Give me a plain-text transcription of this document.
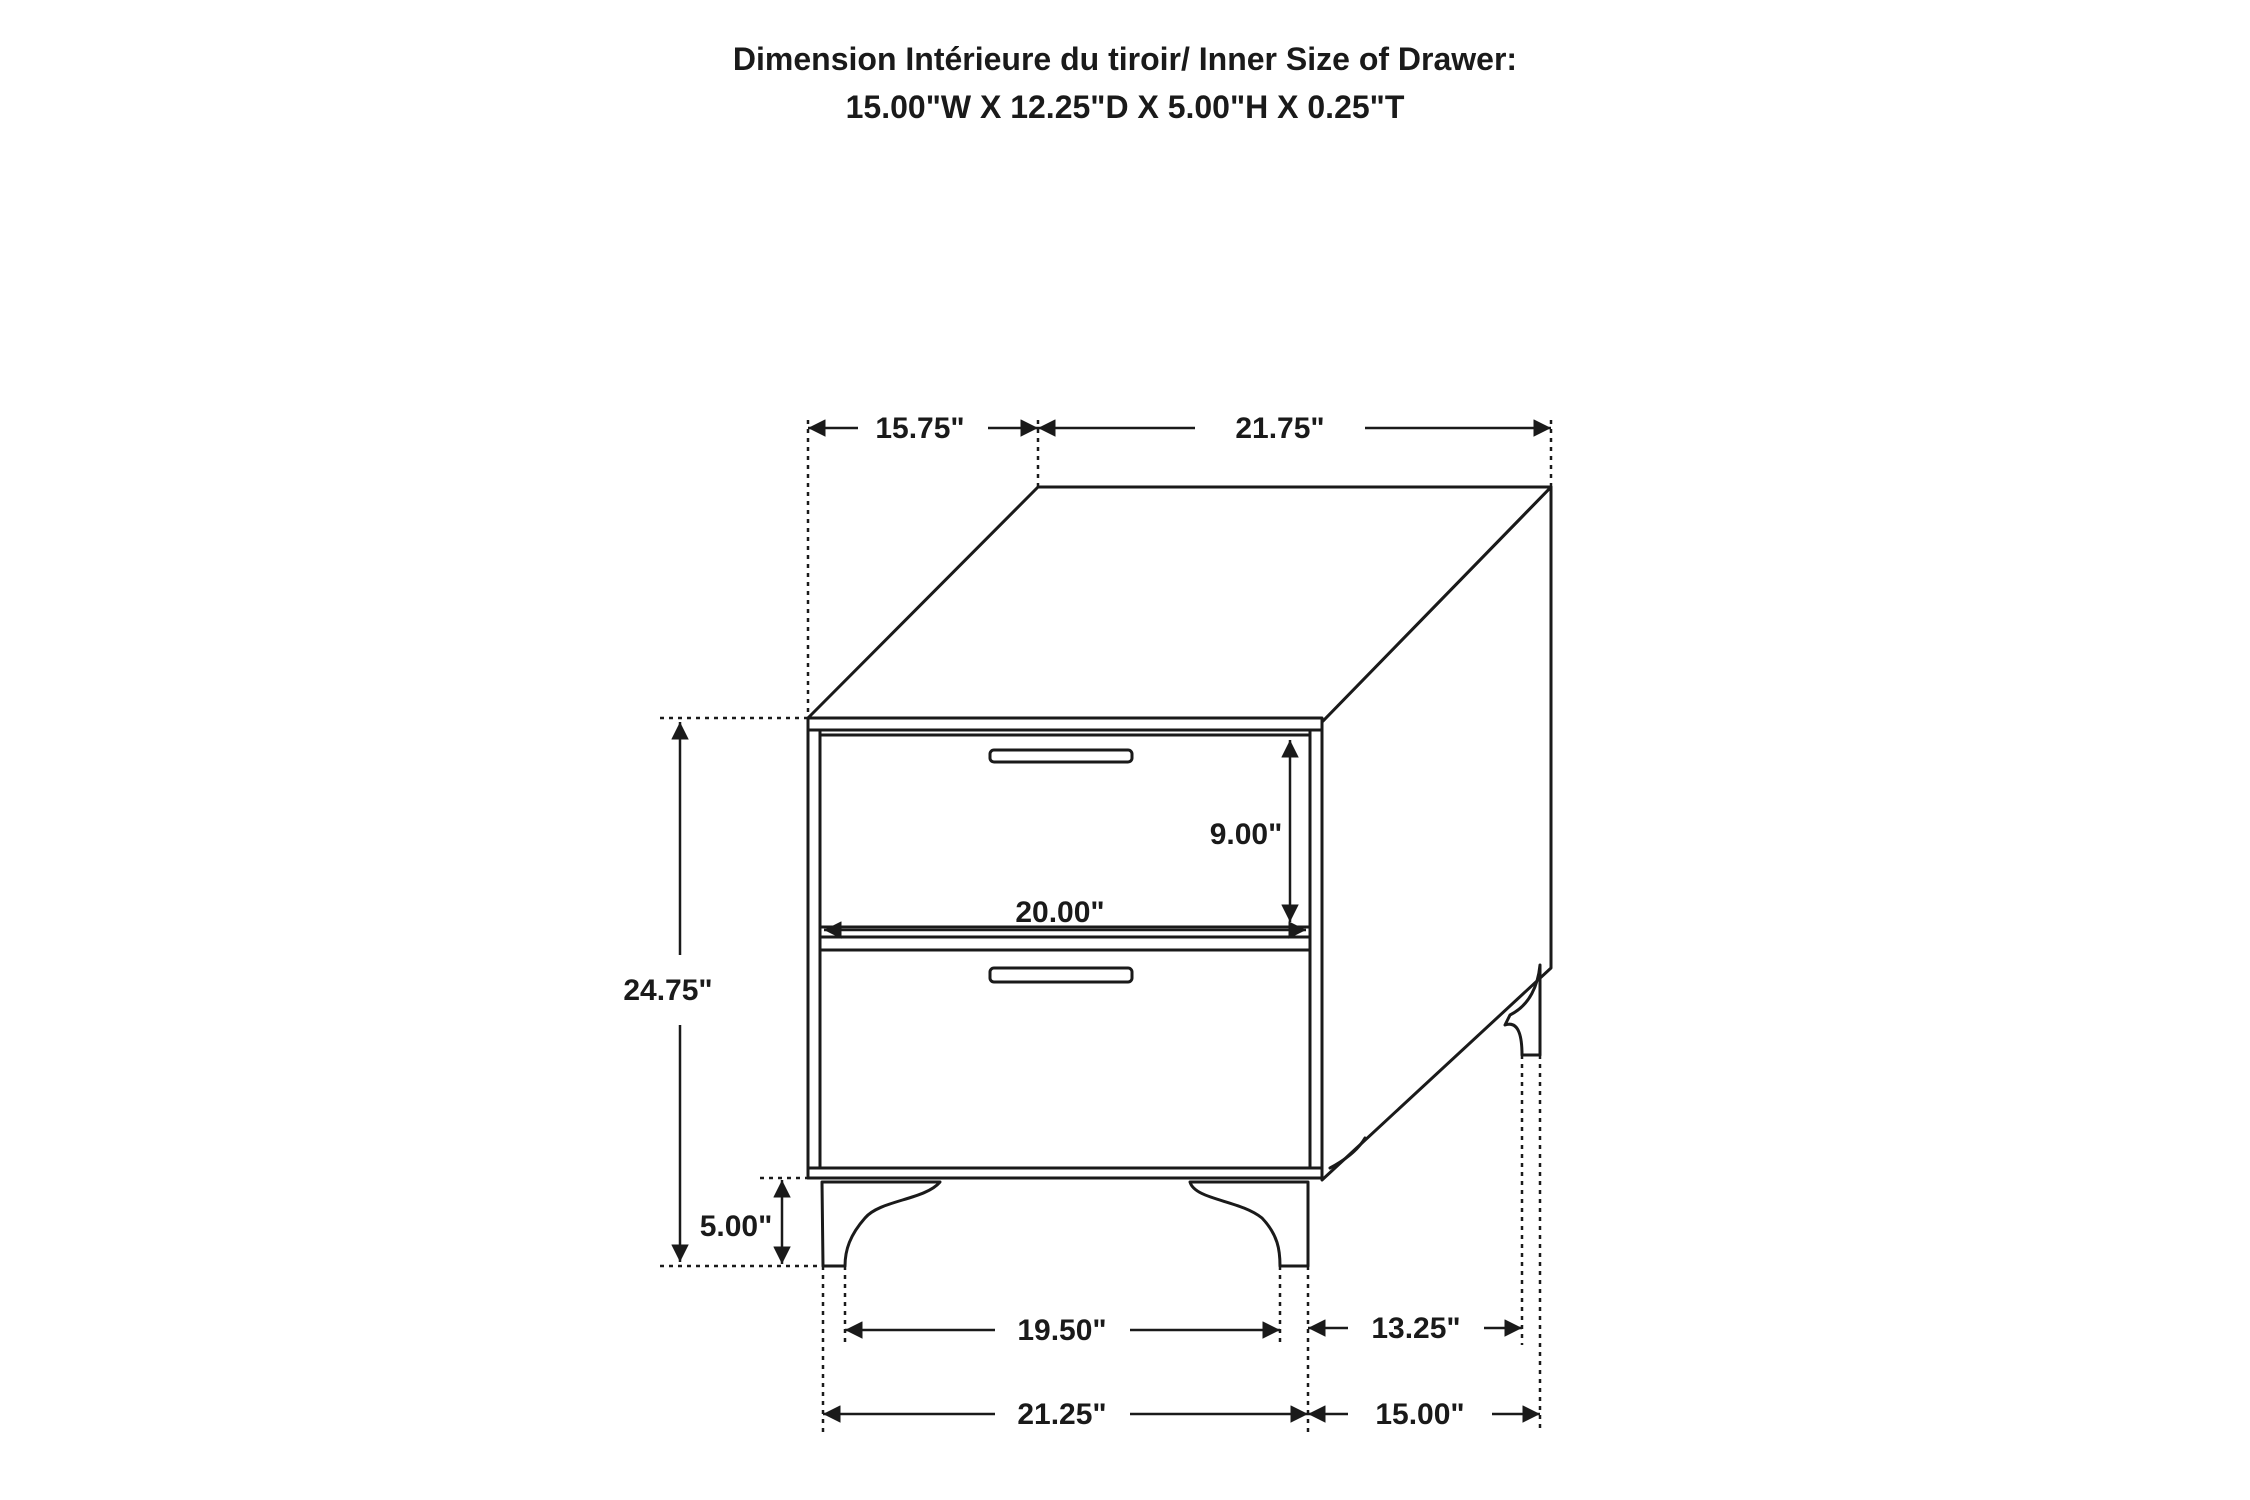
Dimension Intérieure du tiroir/ Inner Size of Drawer:
15.00"W X 12.25"D X 5.00"H X 0.25"T
15.75"	21.75"
24.75"
5.00"
9.00"
20.00"
19.50"	13.25"
21.25"	15.00"
